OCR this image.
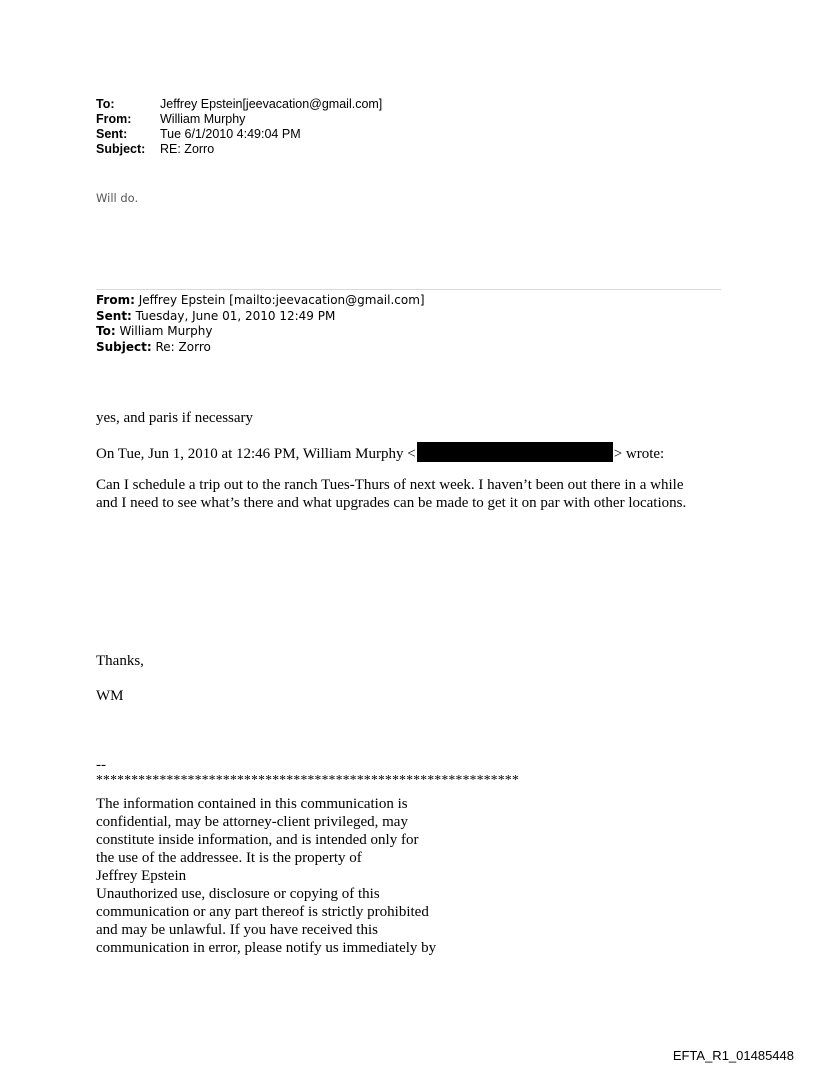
To:	Jeffrey Epstein[jeevacation@gmail.com]
From:	William Murphy
Sent:	Tue 6/1/2010 4:49:04 PM
Subject:	RE: Zorro
Will do.
From: Jeffrey Epstein [mailto:jeevacation@gmail.com]
Sent: Tuesday, June 01, 2010 12:49 PM
To: William Murphy
Subject: Re: Zorro
yes, and paris if necessary
On Tue, Jun 1, 2010 at 12:46 PM, William Murphy <	> wrote:
Can I schedule a trip out to the ranch Tues-Thurs of next week. I haven’t been out there in a while and I need to see what’s there and what upgrades can be made to get it on par with other locations.
Thanks,
WM
--
************************************************************
The information contained in this communication is
confidential, may be attorney-client privileged, may
constitute inside information, and is intended only for
the use of the addressee. It is the property of
Jeffrey Epstein
Unauthorized use, disclosure or copying of this
communication or any part thereof is strictly prohibited
and may be unlawful. If you have received this
communication in error, please notify us immediately by
EFTA_R1_01485448
